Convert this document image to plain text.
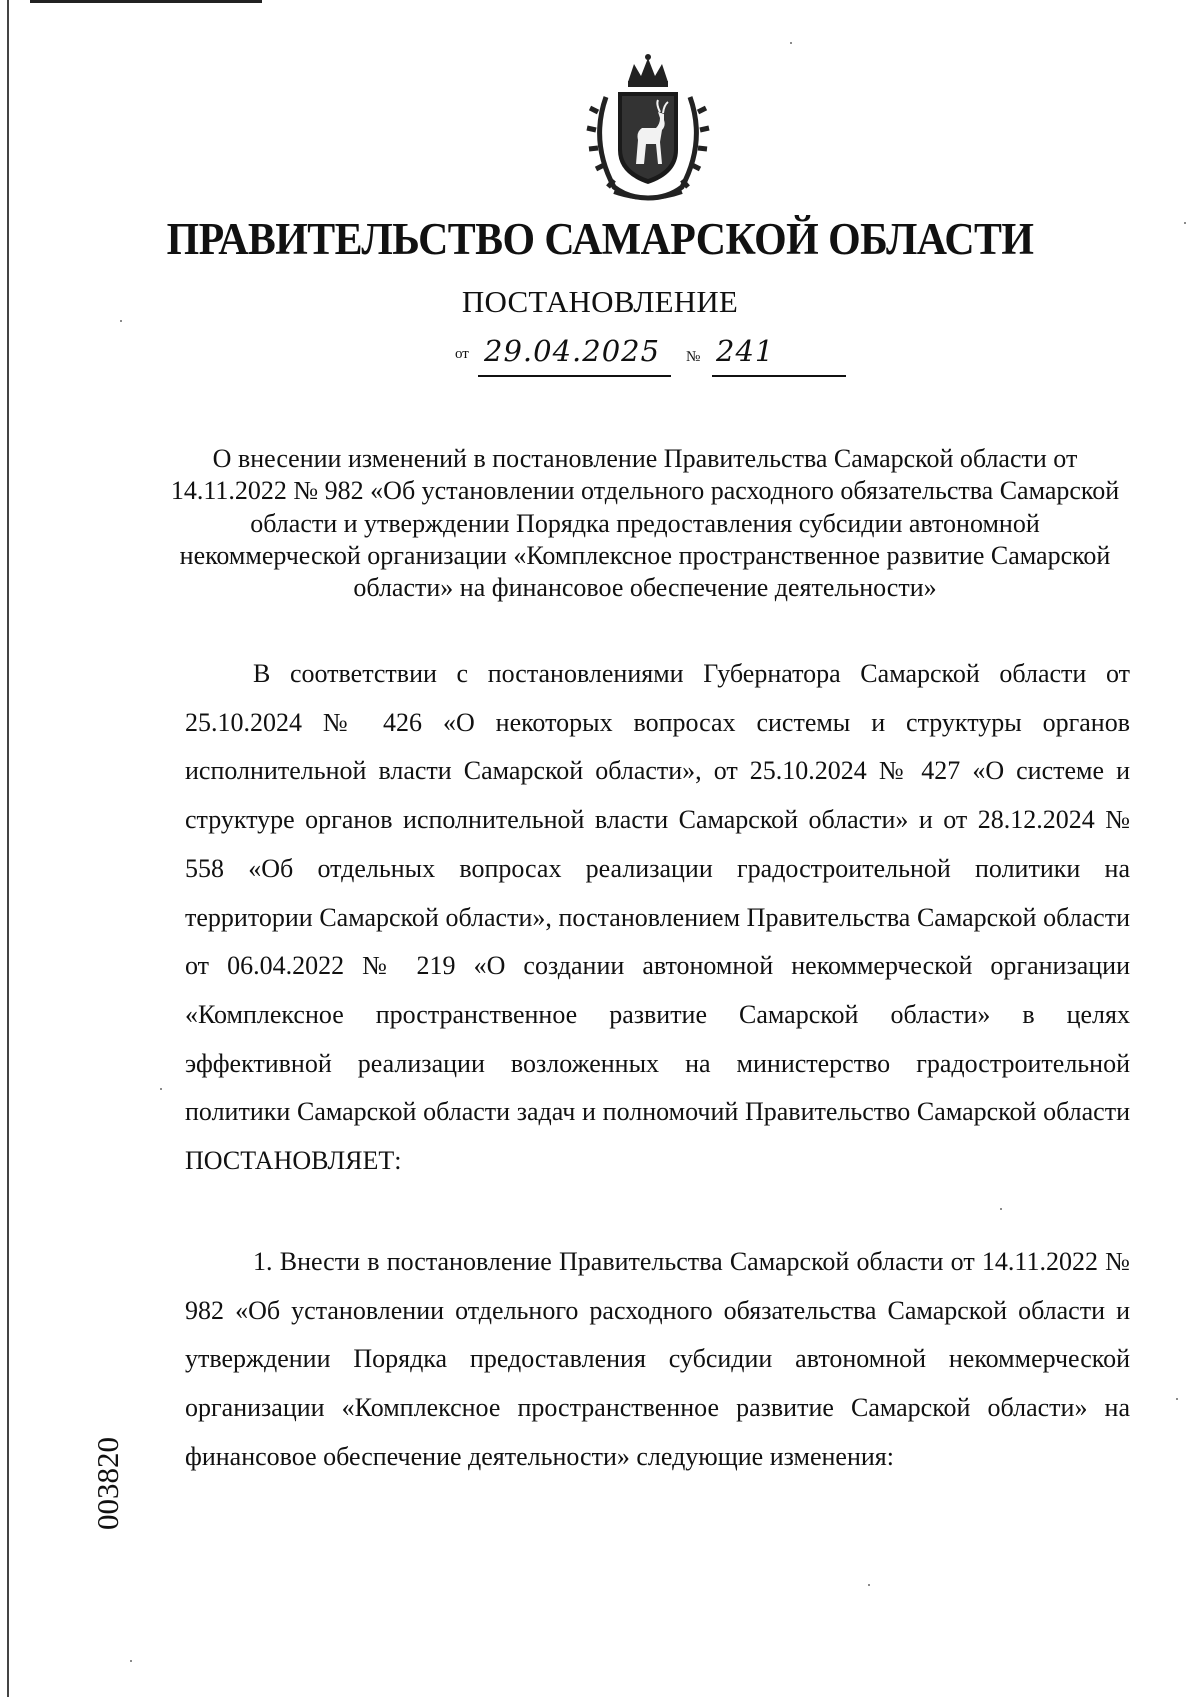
ПРАВИТЕЛЬСТВО САМАРСКОЙ ОБЛАСТИ
ПОСТАНОВЛЕНИЕ
от 29.04.2025 № 241
О внесении изменений в постановление Правительства Самарской области от 14.11.2022 № 982 «Об установлении отдельного расходного обязательства Самарской области и утверждении Порядка предоставления субсидии автономной некоммерческой организации «Комплексное пространственное развитие Самарской области» на финансовое обеспечение деятельности»
В соответствии с постановлениями Губернатора Самарской области от 25.10.2024 № 426 «О некоторых вопросах системы и структуры органов исполнительной власти Самарской области», от 25.10.2024 № 427 «О системе и структуре органов исполнительной власти Самарской области» и от 28.12.2024 № 558 «Об отдельных вопросах реализации градостроительной политики на территории Самарской области», постановлением Правительства Самарской области от 06.04.2022 № 219 «О создании автономной некоммерческой организации «Комплексное пространственное развитие Самарской области» в целях эффективной реализации возложенных на министерство градостроительной политики Самарской области задач и полномочий Правительство Самарской области ПОСТАНОВЛЯЕТ:
1. Внести в постановление Правительства Самарской области от 14.11.2022 № 982 «Об установлении отдельного расходного обязательства Самарской области и утверждении Порядка предоставления субсидии автономной некоммерческой организации «Комплексное пространственное развитие Самарской области» на финансовое обеспечение деятельности» следующие изменения:
003820
